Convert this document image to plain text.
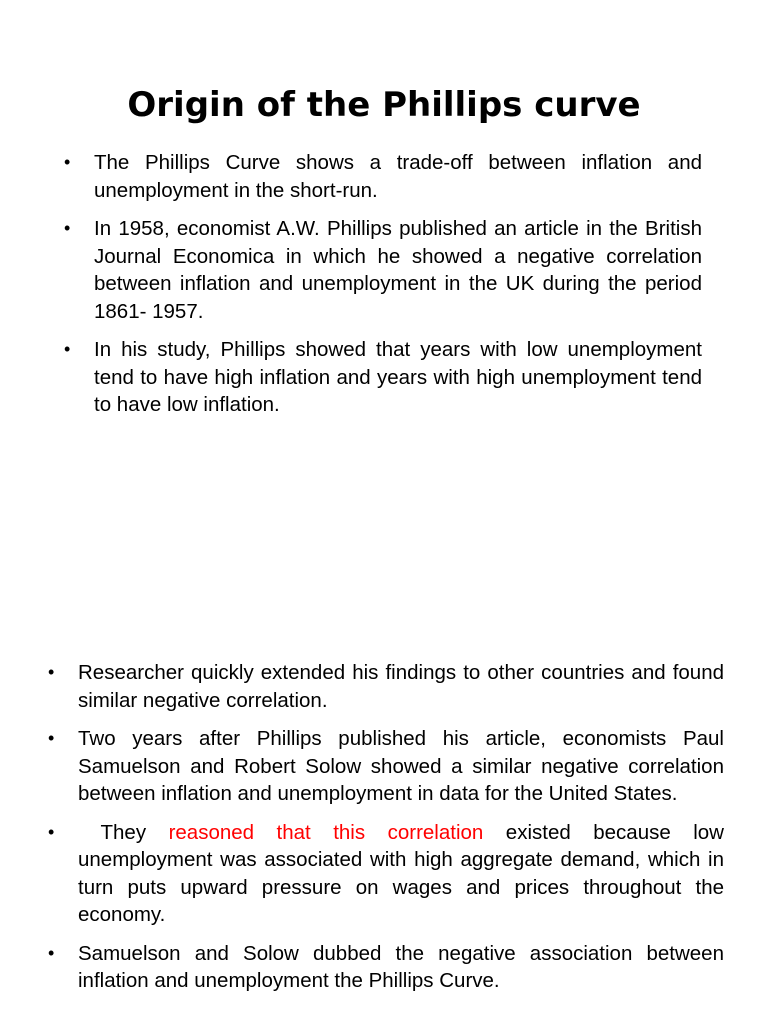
Origin of the Phillips curve
• The Phillips Curve shows a trade-off between inflation and unemployment in the short-run.
• In 1958, economist A.W. Phillips published an article in the British Journal Economica in which he showed a negative correlation between inflation and unemployment in the UK during the period 1861- 1957.
• In his study, Phillips showed that years with low unemployment tend to have high inflation and years with high unemployment tend to have low inflation.
• Researcher quickly extended his findings to other countries and found similar negative correlation.
• Two years after Phillips published his article, economists Paul Samuelson and Robert Solow showed a similar negative correlation between inflation and unemployment in data for the United States.
• They reasoned that this correlation existed because low unemployment was associated with high aggregate demand, which in turn puts upward pressure on wages and prices throughout the economy.
• Samuelson and Solow dubbed the negative association between inflation and unemployment the Phillips Curve.
